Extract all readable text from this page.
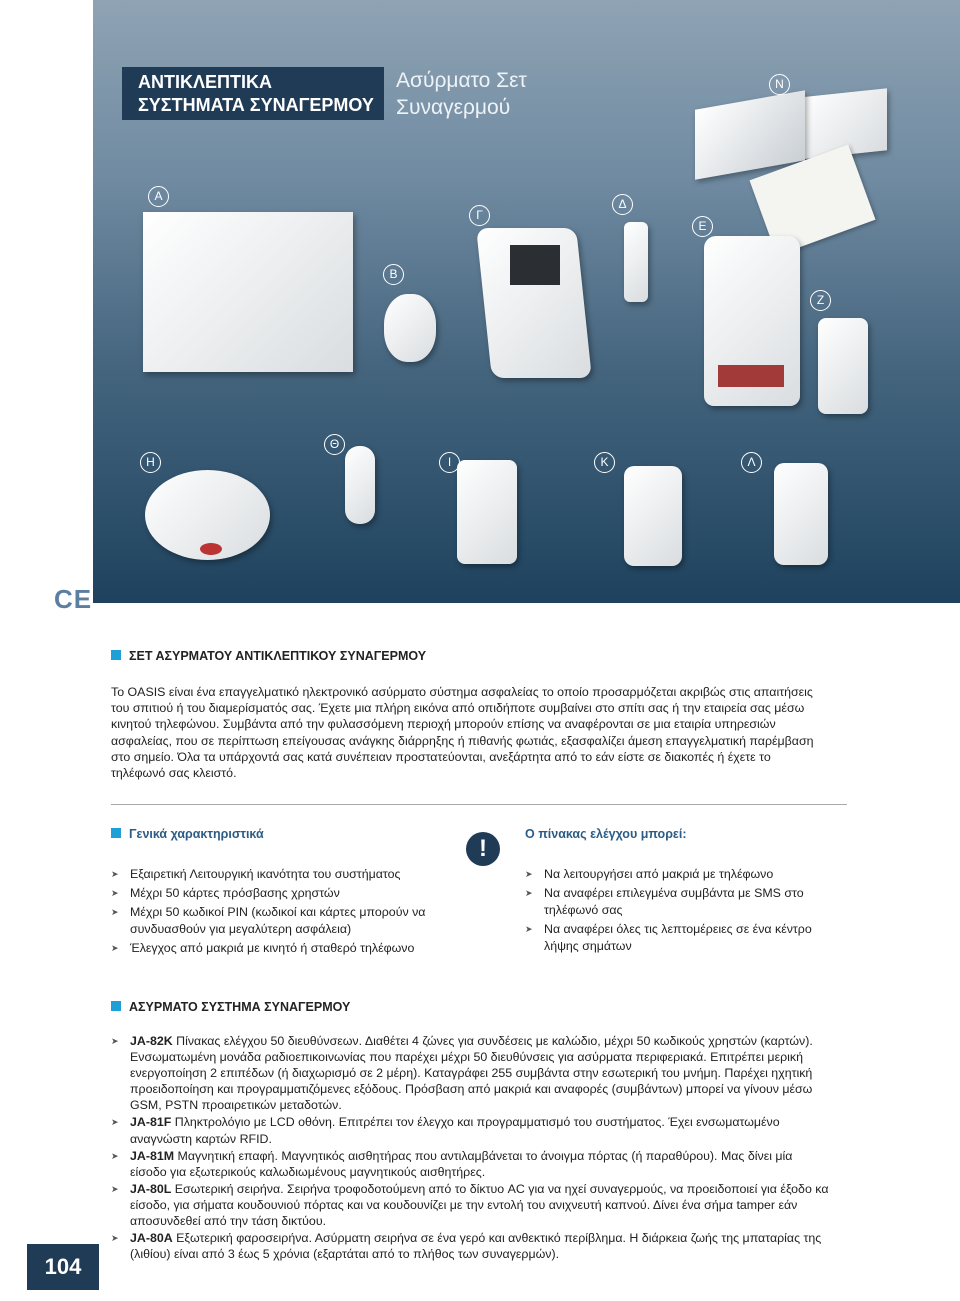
ΑΝΤΙΚΛΕΠΤΙΚΑ ΣΥΣΤΗΜΑΤΑ ΣΥΝΑΓΕΡΜΟΥ
Ασύρματο Σετ Συναγερμού
A
B
Γ
Δ
E
Z
H
Θ
I	K	Λ
N
CE
ΣΕΤ ΑΣΥΡΜΑΤΟΥ ΑΝΤΙΚΛΕΠΤΙΚΟΥ ΣΥΝΑΓΕΡΜΟΥ
Το OASIS είναι ένα επαγγελματικό ηλεκτρονικό ασύρματο σύστημα ασφαλείας το οποίο προσαρμόζεται ακριβώς στις απαιτήσεις του σπιτιού ή του διαμερίσματός σας. Έχετε μια πλήρη εικόνα από οπιδήποτε συμβαίνει στο σπίτι σας ή την εταιρεία σας μέσω κινητού τηλεφώνου. Συμβάντα από την φυλασσόμενη περιοχή μπορούν επίσης να αναφέρονται σε μια εταιρία υπηρεσιών ασφαλείας, που σε περίπτωση επείγουσας ανάγκης διάρρηξης ή πιθανής φωτιάς, εξασφαλίζει άμεση επαγγελματική παρέμβαση στο σημείο. Όλα τα υπάρχοντά σας κατά συνέπειαν προστατεύονται, ανεξάρτητα από το εάν είστε σε διακοπές ή έχετε το τηλέφωνό σας κλειστό.
Γενικά χαρακτηριστικά
➤ Εξαιρετική Λειτουργική ικανότητα του συστήματος
➤ Μέχρι 50 κάρτες πρόσβασης χρηστών
➤ Μέχρι 50 κωδικοί PIN (κωδικοί και κάρτες μπορούν να συνδυασθούν για μεγαλύτερη ασφάλεια)
➤ Έλεγχος από μακριά με κινητό ή σταθερό τηλέφωνο
!
Ο πίνακας ελέγχου μπορεί:
➤ Να λειτουργήσει από μακριά με τηλέφωνο
➤ Να αναφέρει επιλεγμένα συμβάντα με SMS στο τηλέφωνό σας
➤ Να αναφέρει όλες τις λεπτομέρειες σε ένα κέντρο λήψης σημάτων
ΑΣΥΡΜΑΤΟ ΣΥΣΤΗΜΑ ΣΥΝΑΓΕΡΜΟΥ
➤ JA-82K Πίνακας ελέγχου 50 διευθύνσεων. Διαθέτει 4 ζώνες για συνδέσεις με καλώδιο, μέχρι 50 κωδικούς χρηστών (καρτών). Ενσωματωμένη μονάδα ραδιοεπικοινωνίας που παρέχει μέχρι 50 διευθύνσεις για ασύρματα περιφεριακά. Επιτρέπει μερική ενεργοποίηση 2 επιπέδων (ή διαχωρισμό σε 2 μέρη). Καταγράφει 255 συμβάντα στην εσωτερική του μνήμη. Παρέχει ηχητική προειδοποίηση και προγραμματιζόμενες εξόδους. Πρόσβαση από μακριά και αναφορές (συμβάντων) μπορεί να γίνουν μέσω GSM, PSTN προαιρετικών μεταδοτών.
➤ JA-81F Πληκτρολόγιο με LCD οθόνη. Επιτρέπει τον έλεγχο και προγραμματισμό του συστήματος. Έχει ενσωματωμένο αναγνώστη καρτών RFID.
➤ JA-81M Μαγνητική επαφή. Μαγνητικός αισθητήρας που αντιλαμβάνεται το άνοιγμα πόρτας (ή παραθύρου). Μας δίνει μία είσοδο για εξωτερικούς καλωδιωμένους μαγνητικούς αισθητήρες.
➤ JA-80L Εσωτερική σειρήνα. Σειρήνα τροφοδοτούμενη από το δίκτυο AC για να ηχεί συναγερμούς, να προειδοποιεί για έξοδο κα είσοδο, για σήματα κουδουνιού πόρτας και να κουδουνίζει με την εντολή του ανιχνευτή καπνού. Δίνει ένα σήμα tamper εάν αποσυνδεθεί από την τάση δικτύου.
➤ JA-80A Εξωτερική φαροσειρήνα. Ασύρματη σειρήνα σε ένα γερό και ανθεκτικό περίβλημα. Η διάρκεια ζωής της μπαταρίας της (λιθίου) είναι από 3 έως 5 χρόνια (εξαρτάται από το πλήθος των συναγερμών).
104
